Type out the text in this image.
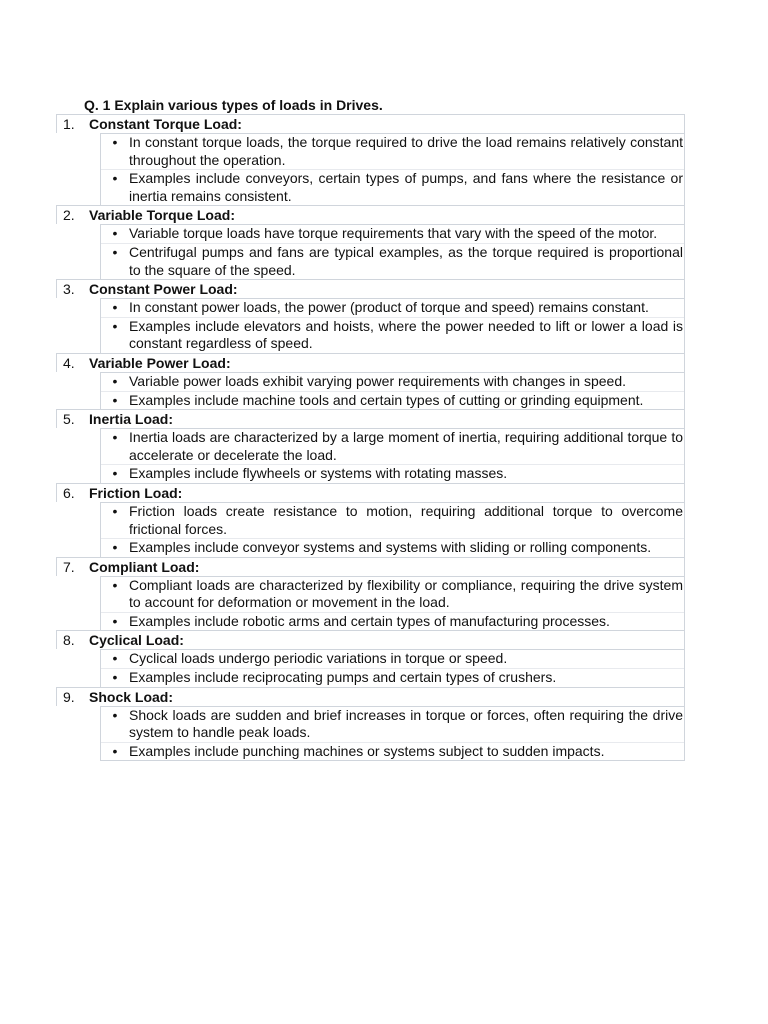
Q. 1 Explain various types of loads in Drives.
1.	Constant Torque Load:
• In constant torque loads, the torque required to drive the load remains relatively constant throughout the operation.
• Examples include conveyors, certain types of pumps, and fans where the resistance or inertia remains consistent.
2.	Variable Torque Load:
• Variable torque loads have torque requirements that vary with the speed of the motor.
• Centrifugal pumps and fans are typical examples, as the torque required is proportional to the square of the speed.
3.	Constant Power Load:
• In constant power loads, the power (product of torque and speed) remains constant.
• Examples include elevators and hoists, where the power needed to lift or lower a load is constant regardless of speed.
4.	Variable Power Load:
• Variable power loads exhibit varying power requirements with changes in speed.
• Examples include machine tools and certain types of cutting or grinding equipment.
5.	Inertia Load:
• Inertia loads are characterized by a large moment of inertia, requiring additional torque to accelerate or decelerate the load.
• Examples include flywheels or systems with rotating masses.
6.	Friction Load:
• Friction loads create resistance to motion, requiring additional torque to overcome frictional forces.
• Examples include conveyor systems and systems with sliding or rolling components.
7.	Compliant Load:
• Compliant loads are characterized by flexibility or compliance, requiring the drive system to account for deformation or movement in the load.
• Examples include robotic arms and certain types of manufacturing processes.
8.	Cyclical Load:
• Cyclical loads undergo periodic variations in torque or speed.
• Examples include reciprocating pumps and certain types of crushers.
9.	Shock Load:
• Shock loads are sudden and brief increases in torque or forces, often requiring the drive system to handle peak loads.
• Examples include punching machines or systems subject to sudden impacts.
